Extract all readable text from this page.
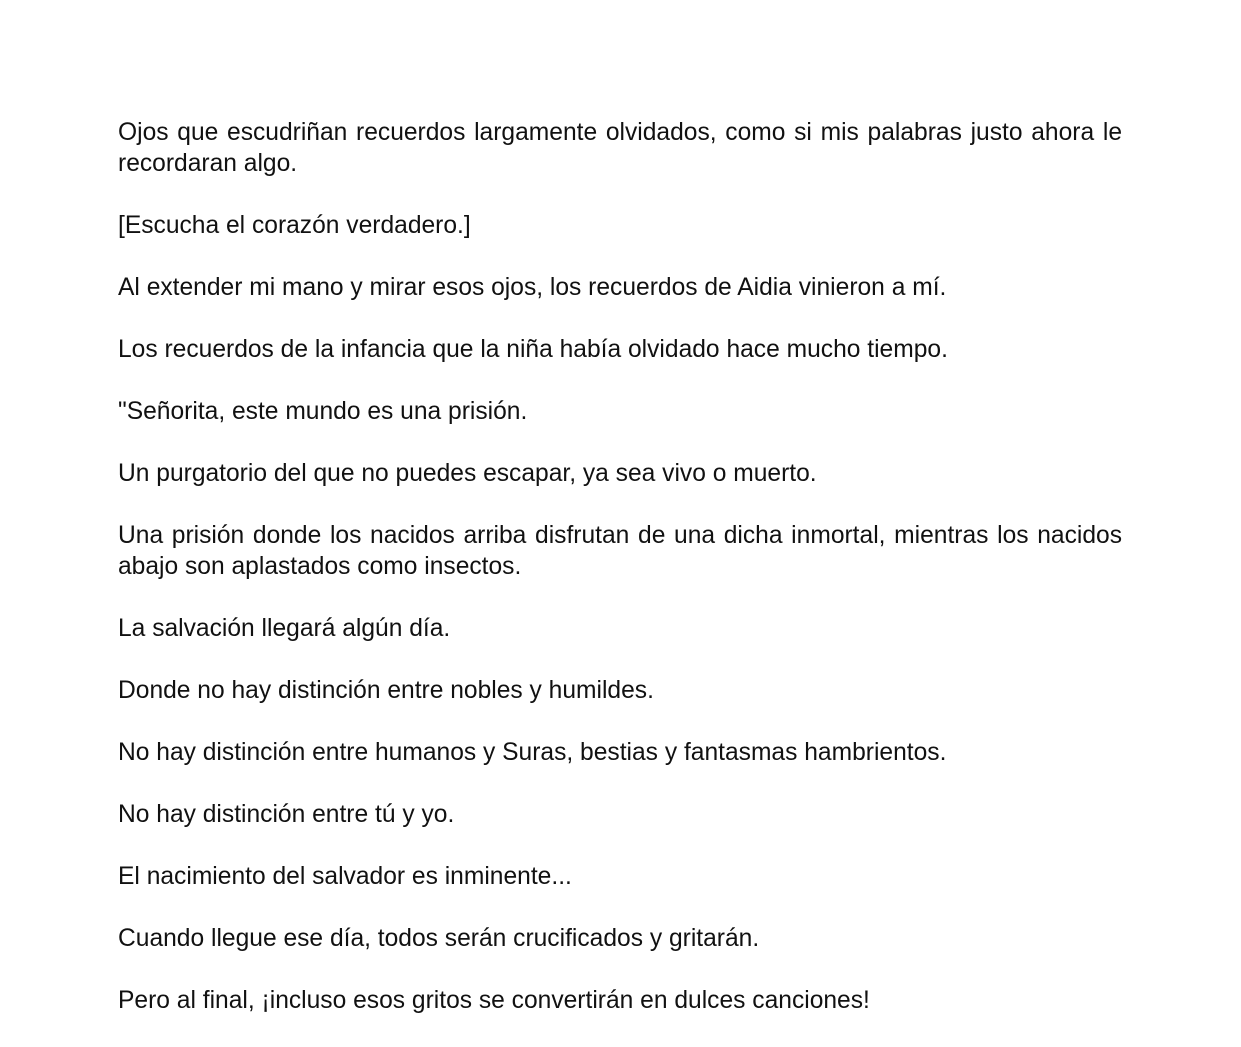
Ojos que escudriñan recuerdos largamente olvidados, como si mis palabras justo ahora le recordaran algo.

[Escucha el corazón verdadero.]

Al extender mi mano y mirar esos ojos, los recuerdos de Aidia vinieron a mí.

Los recuerdos de la infancia que la niña había olvidado hace mucho tiempo.

"Señorita, este mundo es una prisión.

Un purgatorio del que no puedes escapar, ya sea vivo o muerto.

Una prisión donde los nacidos arriba disfrutan de una dicha inmortal, mientras los nacidos abajo son aplastados como insectos.

La salvación llegará algún día.

Donde no hay distinción entre nobles y humildes.

No hay distinción entre humanos y Suras, bestias y fantasmas hambrientos.

No hay distinción entre tú y yo.

El nacimiento del salvador es inminente...

Cuando llegue ese día, todos serán crucificados y gritarán.

Pero al final, ¡incluso esos gritos se convertirán en dulces canciones!
